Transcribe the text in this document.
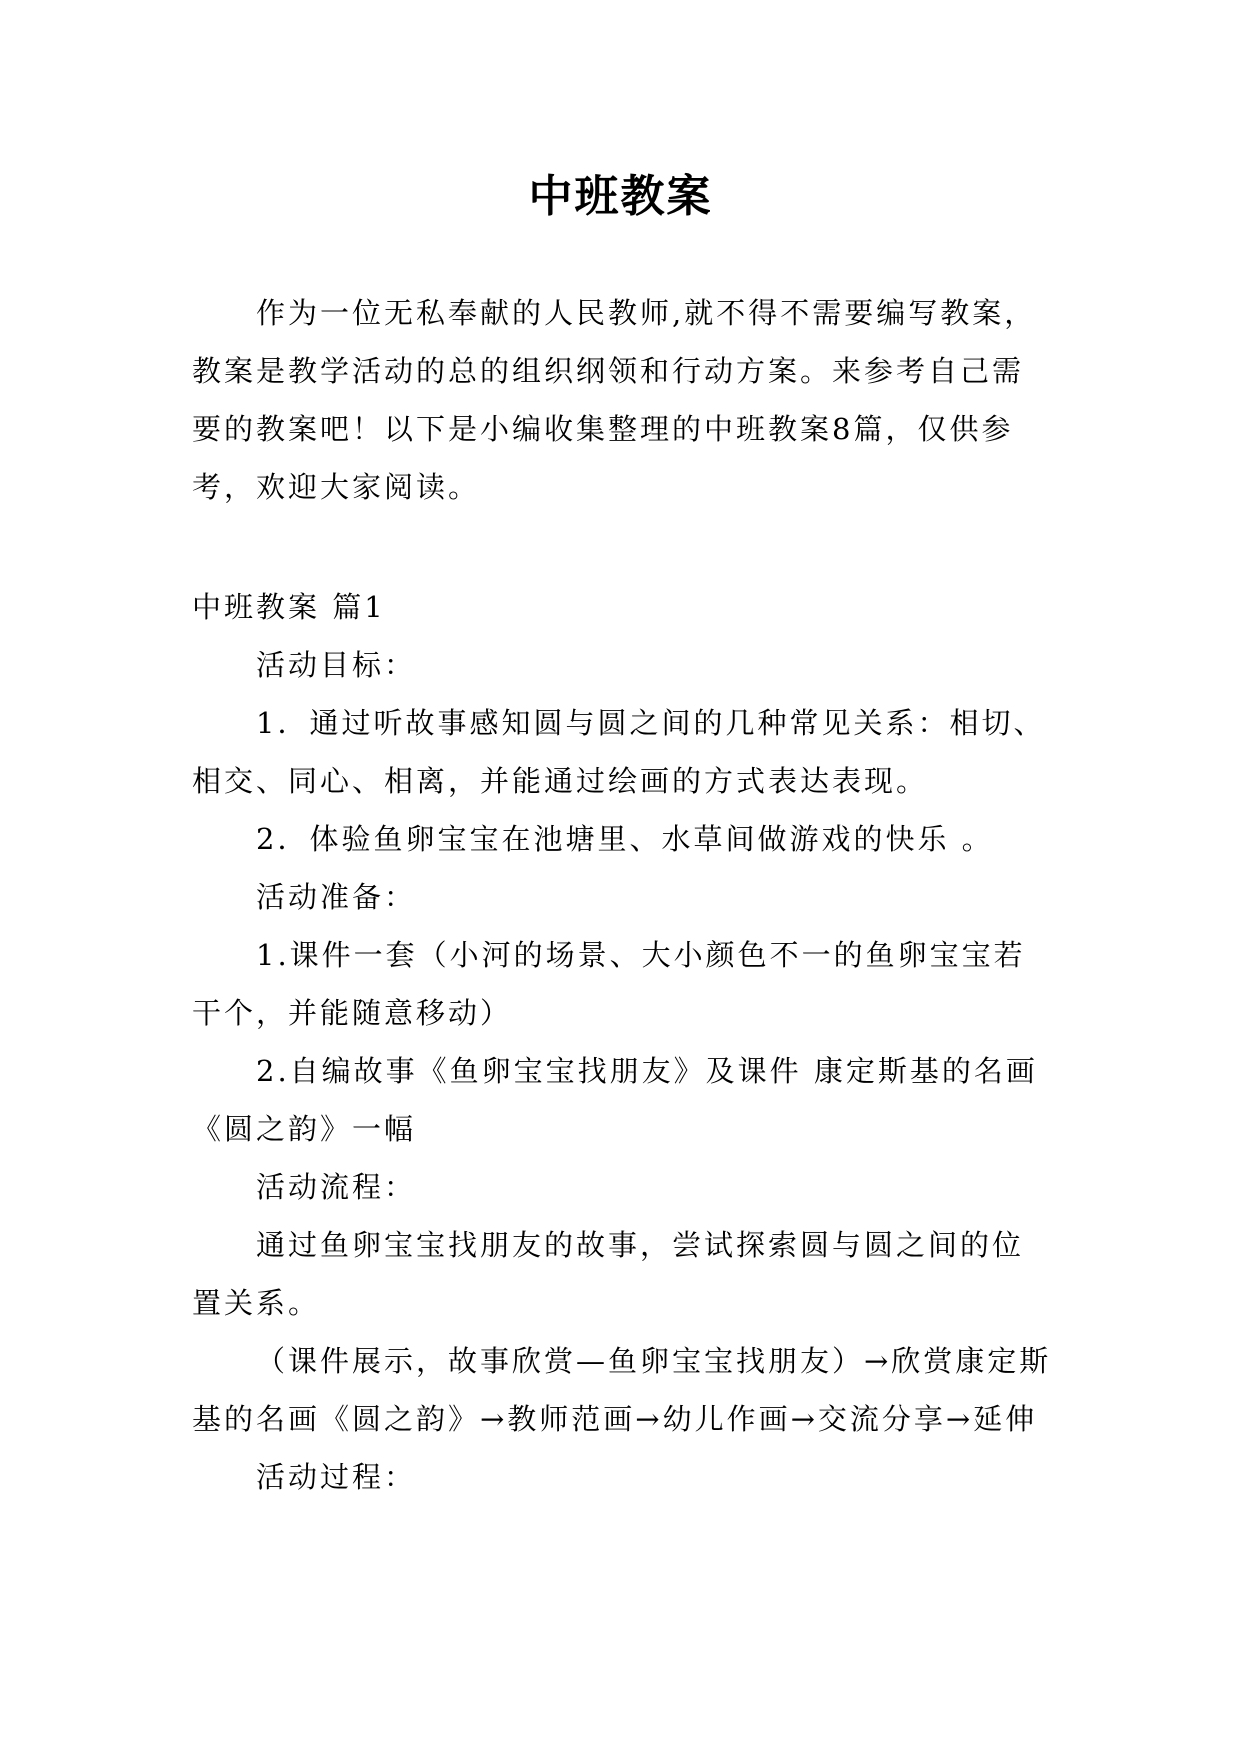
中班教案

作为一位无私奉献的人民教师,就不得不需要编写教案，教案是教学活动的总的组织纲领和行动方案。来参考自己需要的教案吧！以下是小编收集整理的中班教案8篇，仅供参考，欢迎大家阅读。

中班教案 篇1

活动目标：

1．通过听故事感知圆与圆之间的几种常见关系：相切、相交、同心、相离，并能通过绘画的方式表达表现。

2．体验鱼卵宝宝在池塘里、水草间做游戏的快乐 。

活动准备：

1.课件一套（小河的场景、大小颜色不一的鱼卵宝宝若干个，并能随意移动）

2.自编故事《鱼卵宝宝找朋友》及课件 康定斯基的名画《圆之韵》一幅

活动流程：

通过鱼卵宝宝找朋友的故事，尝试探索圆与圆之间的位置关系。

（课件展示，故事欣赏—鱼卵宝宝找朋友）→欣赏康定斯基的名画《圆之韵》→教师范画→幼儿作画→交流分享→延伸

活动过程：
